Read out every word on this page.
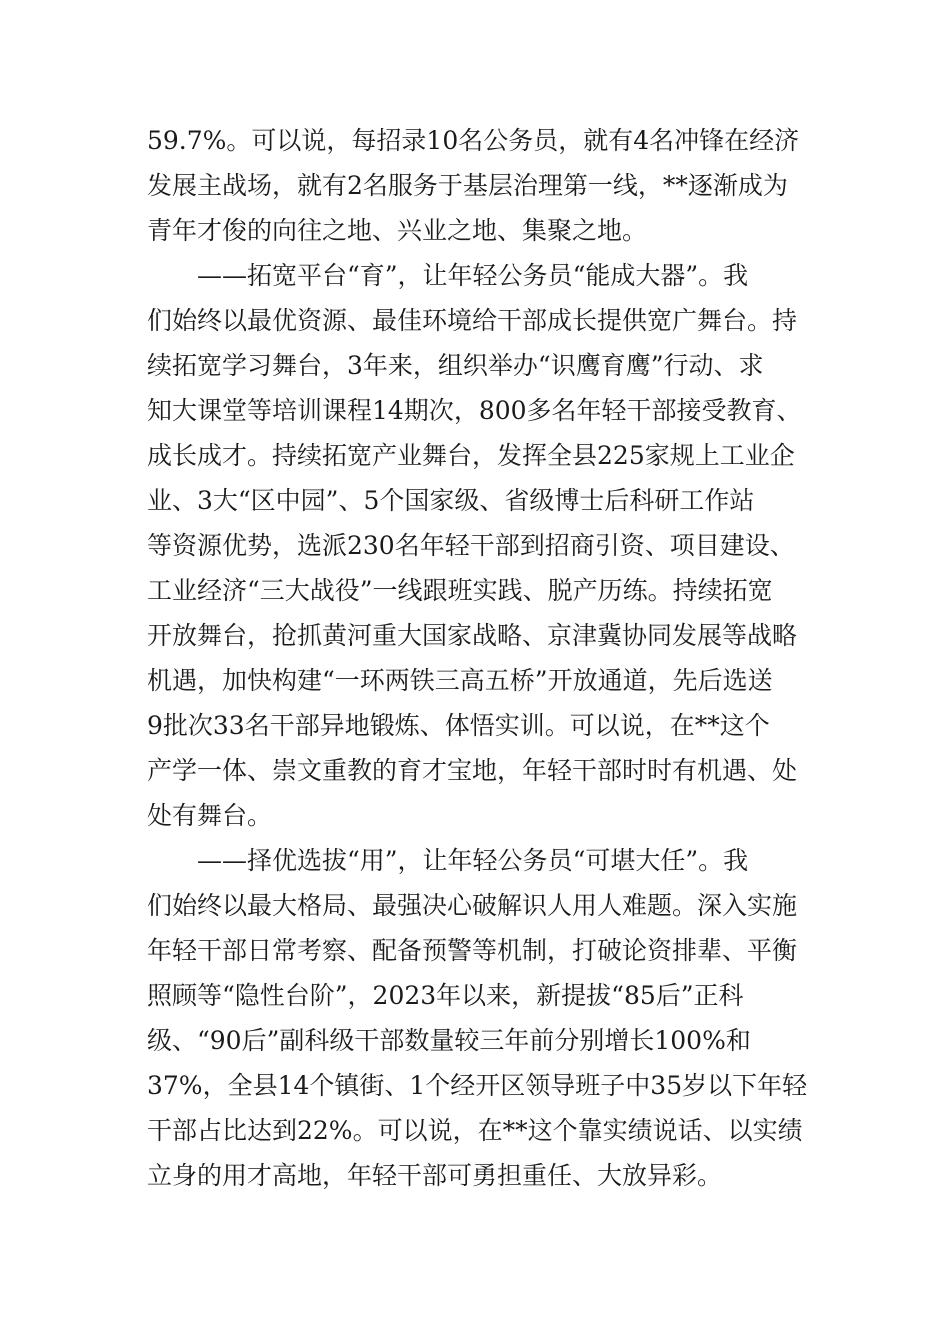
59.7%。可以说，每招录10名公务员，就有4名冲锋在经济
发展主战场，就有2名服务于基层治理第一线，**逐渐成为
青年才俊的向往之地、兴业之地、集聚之地。
——拓宽平台“育”，让年轻公务员“能成大器”。我
们始终以最优资源、最佳环境给干部成长提供宽广舞台。持
续拓宽学习舞台，3年来，组织举办“识鹰育鹰”行动、求
知大课堂等培训课程14期次，800多名年轻干部接受教育、
成长成才。持续拓宽产业舞台，发挥全县225家规上工业企
业、3大“区中园”、5个国家级、省级博士后科研工作站
等资源优势，选派230名年轻干部到招商引资、项目建设、
工业经济“三大战役”一线跟班实践、脱产历练。持续拓宽
开放舞台，抢抓黄河重大国家战略、京津冀协同发展等战略
机遇，加快构建“一环两铁三高五桥”开放通道，先后选送
9批次33名干部异地锻炼、体悟实训。可以说，在**这个
产学一体、崇文重教的育才宝地，年轻干部时时有机遇、处
处有舞台。
——择优选拔“用”，让年轻公务员“可堪大任”。我
们始终以最大格局、最强决心破解识人用人难题。深入实施
年轻干部日常考察、配备预警等机制，打破论资排辈、平衡
照顾等“隐性台阶”，2023年以来，新提拔“85后”正科
级、“90后”副科级干部数量较三年前分别增长100%和
37%，全县14个镇街、1个经开区领导班子中35岁以下年轻
干部占比达到22%。可以说，在**这个靠实绩说话、以实绩
立身的用才高地，年轻干部可勇担重任、大放异彩。
